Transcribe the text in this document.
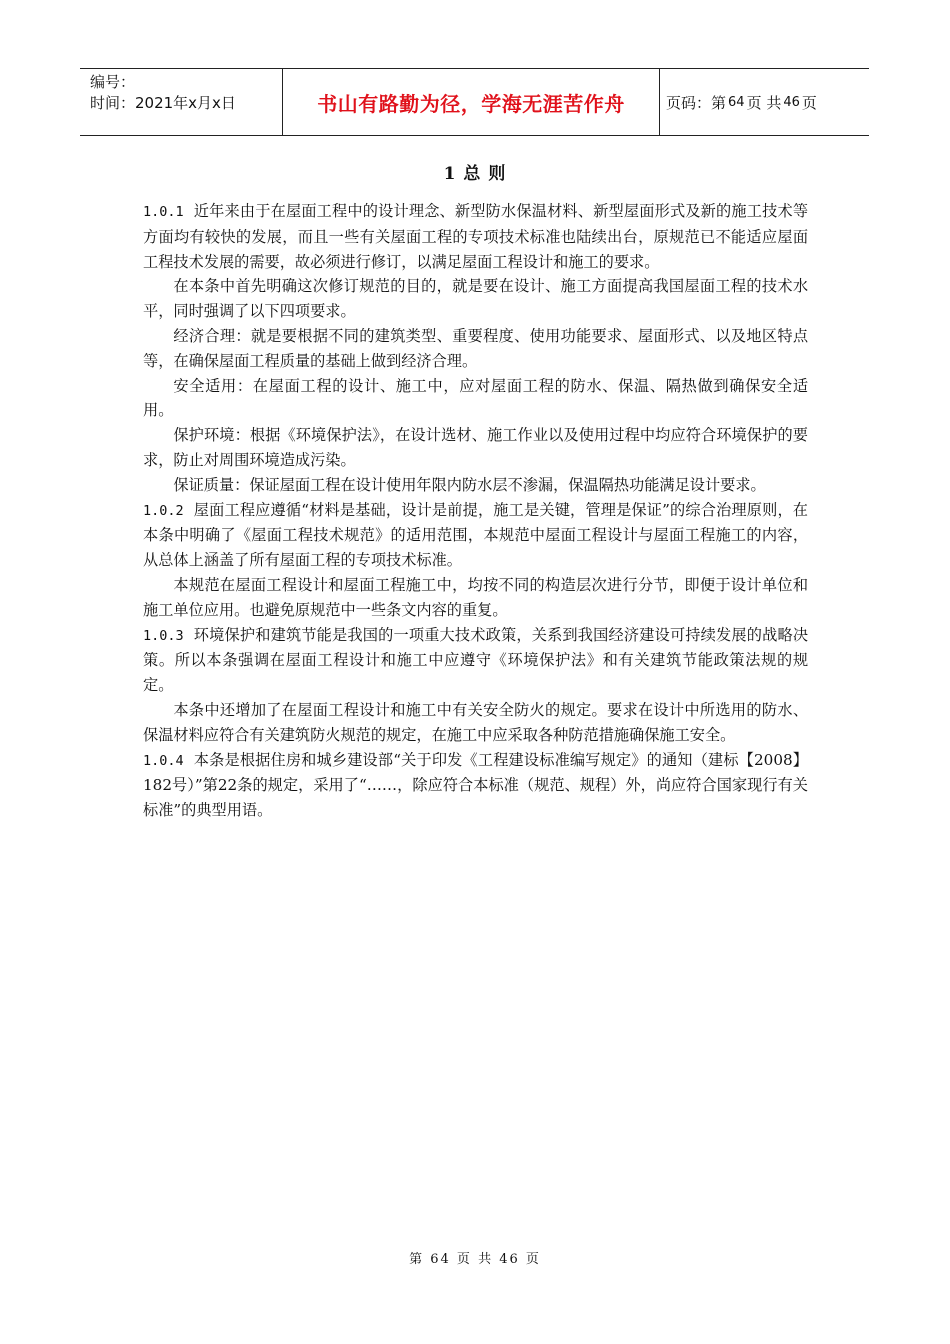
编号：
时间：2021年x月x日	书山有路勤为径，学海无涯苦作舟	页码：第 64 页 共 46 页
1 总 则

1.0.1 近年来由于在屋面工程中的设计理念、新型防水保温材料、新型屋面形式及新的施工技术等方面均有较快的发展，而且一些有关屋面工程的专项技术标准也陆续出台，原规范已不能适应屋面工程技术发展的需要，故必须进行修订，以满足屋面工程设计和施工的要求。

在本条中首先明确这次修订规范的目的，就是要在设计、施工方面提高我国屋面工程的技术水平，同时强调了以下四项要求。

经济合理：就是要根据不同的建筑类型、重要程度、使用功能要求、屋面形式、以及地区特点等，在确保屋面工程质量的基础上做到经济合理。

安全适用：在屋面工程的设计、施工中，应对屋面工程的防水、保温、隔热做到确保安全适用。

保护环境：根据《环境保护法》，在设计选材、施工作业以及使用过程中均应符合环境保护的要求，防止对周围环境造成污染。

保证质量：保证屋面工程在设计使用年限内防水层不渗漏，保温隔热功能满足设计要求。

1.0.2 屋面工程应遵循“材料是基础，设计是前提，施工是关键，管理是保证”的综合治理原则，在本条中明确了《屋面工程技术规范》的适用范围，本规范中屋面工程设计与屋面工程施工的内容，从总体上涵盖了所有屋面工程的专项技术标准。

本规范在屋面工程设计和屋面工程施工中，均按不同的构造层次进行分节，即便于设计单位和施工单位应用。也避免原规范中一些条文内容的重复。

1.0.3 环境保护和建筑节能是我国的一项重大技术政策，关系到我国经济建设可持续发展的战略决策。所以本条强调在屋面工程设计和施工中应遵守《环境保护法》和有关建筑节能政策法规的规定。

本条中还增加了在屋面工程设计和施工中有关安全防火的规定。要求在设计中所选用的防水、保温材料应符合有关建筑防火规范的规定，在施工中应采取各种防范措施确保施工安全。

1.0.4 本条是根据住房和城乡建设部“关于印发《工程建设标准编写规定》的通知（建标【2008】182号）”第22条的规定，采用了“……，除应符合本标准（规范、规程）外，尚应符合国家现行有关标准”的典型用语。

第 64 页 共 46 页
